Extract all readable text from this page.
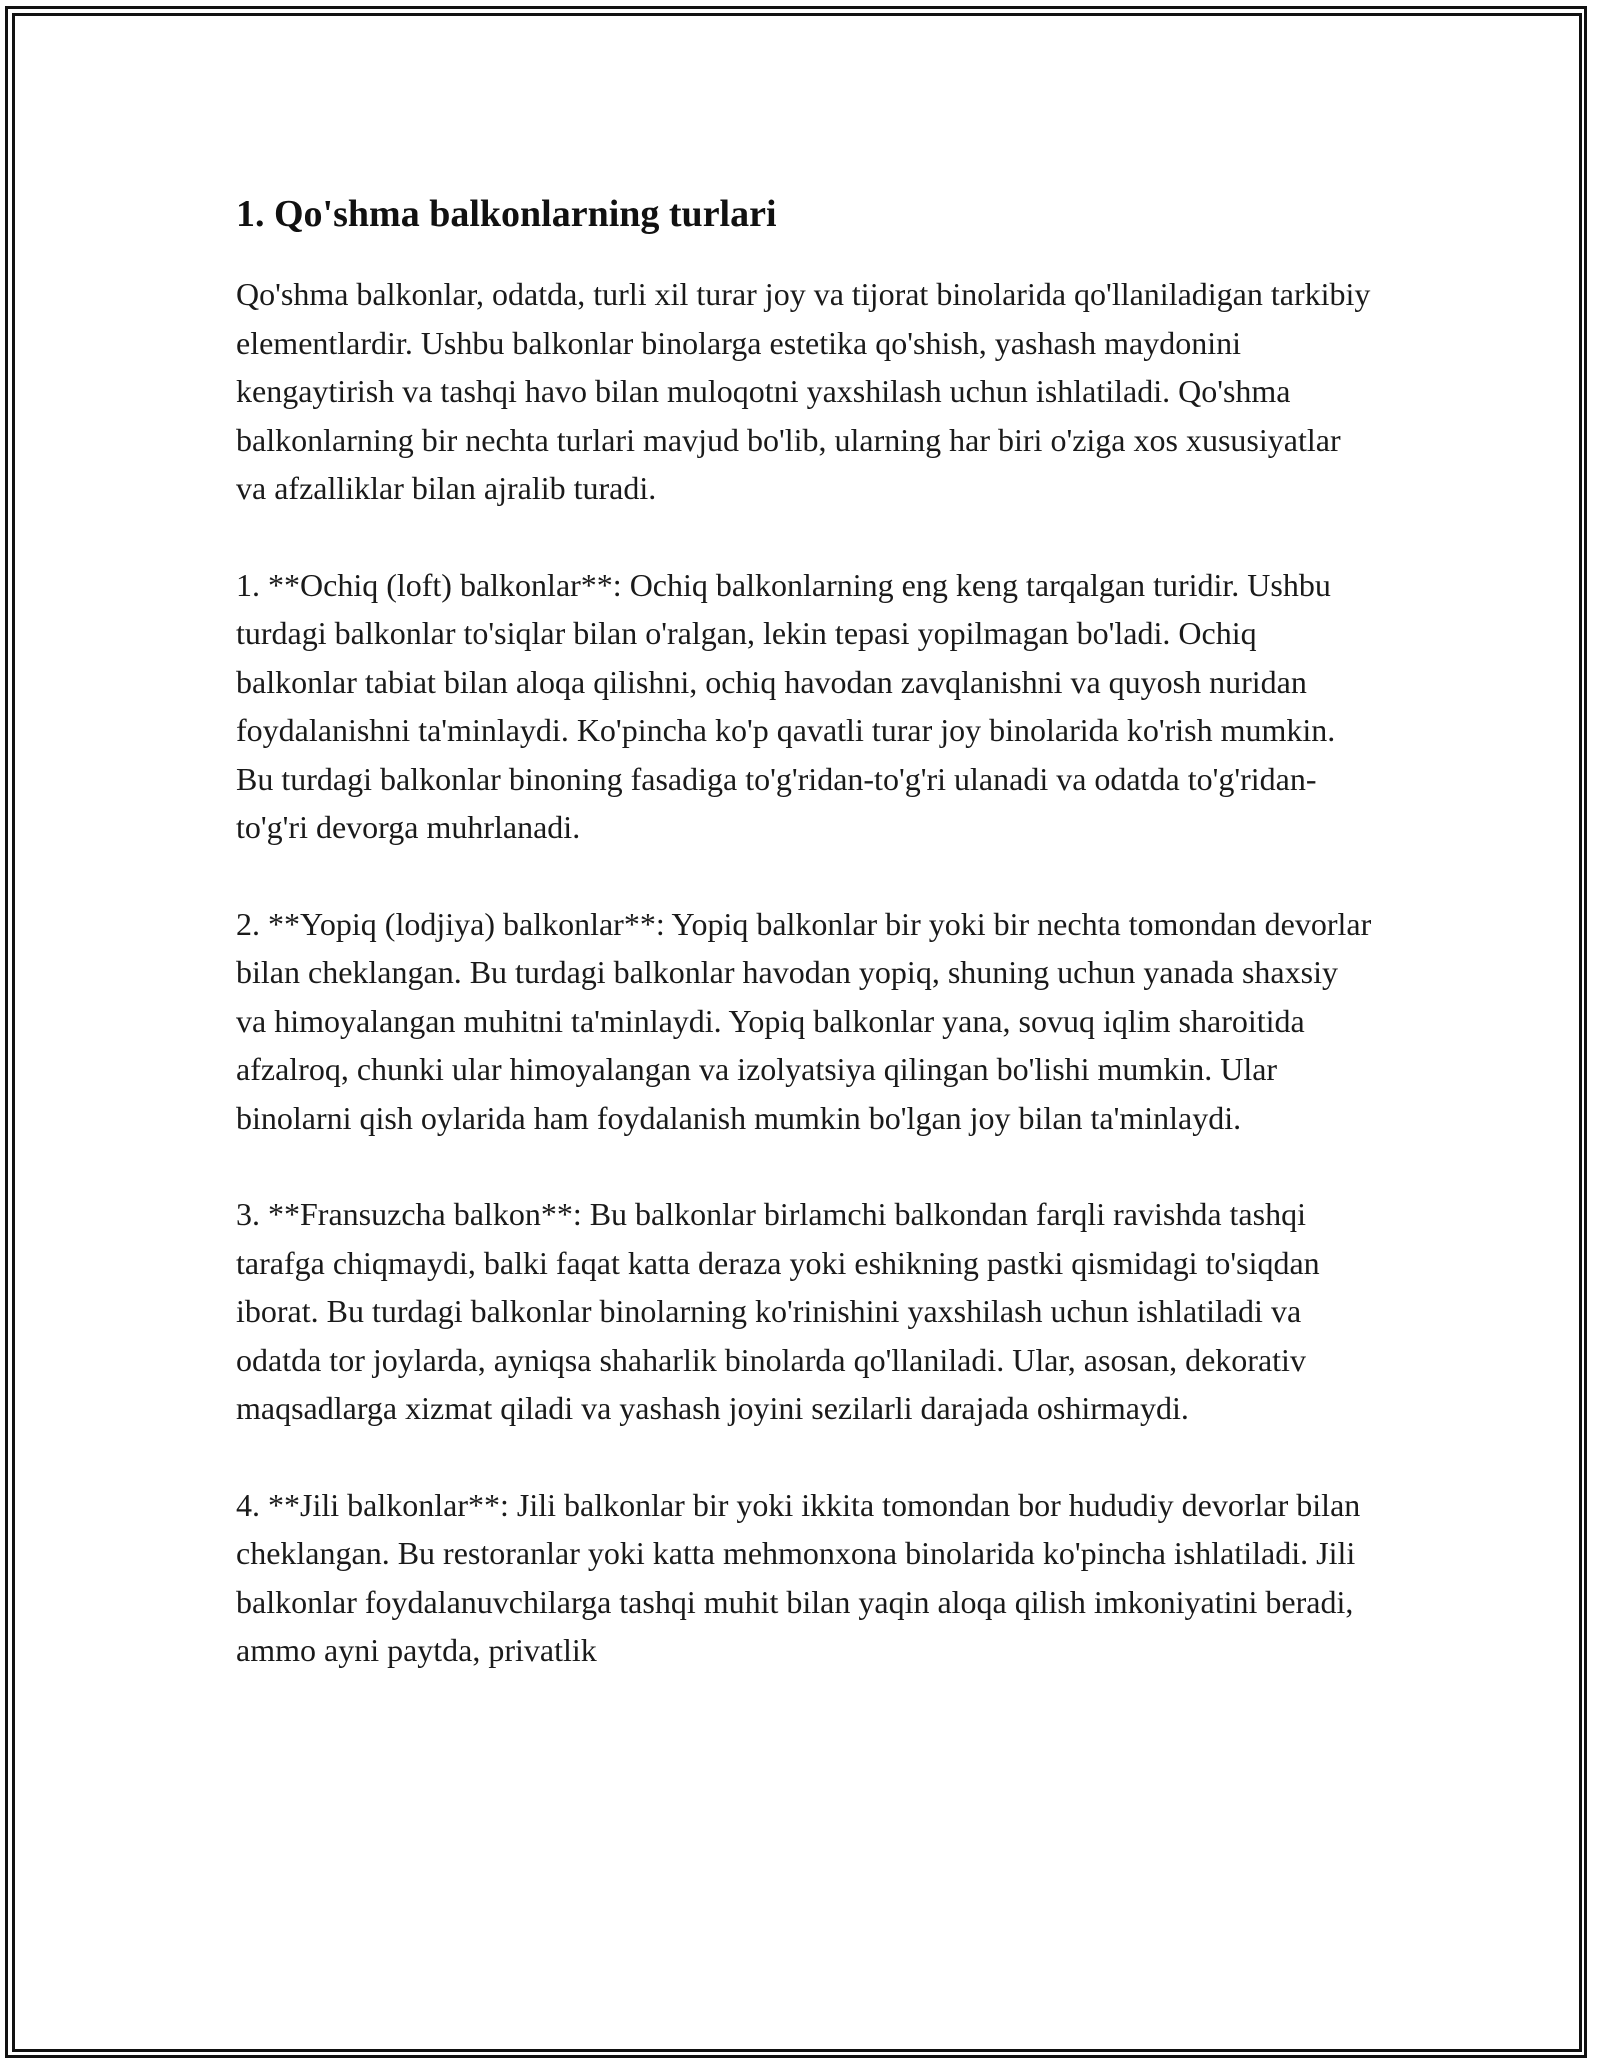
1. Qo'shma balkonlarning turlari

Qo'shma balkonlar, odatda, turli xil turar joy va tijorat binolarida qo'llaniladigan tarkibiy elementlardir. Ushbu balkonlar binolarga estetika qo'shish, yashash maydonini kengaytirish va tashqi havo bilan muloqotni yaxshilash uchun ishlatiladi. Qo'shma balkonlarning bir nechta turlari mavjud bo'lib, ularning har biri o'ziga xos xususiyatlar va afzalliklar bilan ajralib turadi.

1. **Ochiq (loft) balkonlar**: Ochiq balkonlarning eng keng tarqalgan turidir. Ushbu turdagi balkonlar to'siqlar bilan o'ralgan, lekin tepasi yopilmagan bo'ladi. Ochiq balkonlar tabiat bilan aloqa qilishni, ochiq havodan zavqlanishni va quyosh nuridan foydalanishni ta'minlaydi. Ko'pincha ko'p qavatli turar joy binolarida ko'rish mumkin. Bu turdagi balkonlar binoning fasadiga to'g'ridan-to'g'ri ulanadi va odatda to'g'ridan-to'g'ri devorga muhrlanadi.

2. **Yopiq (lodjiya) balkonlar**: Yopiq balkonlar bir yoki bir nechta tomondan devorlar bilan cheklangan. Bu turdagi balkonlar havodan yopiq, shuning uchun yanada shaxsiy va himoyalangan muhitni ta'minlaydi. Yopiq balkonlar yana, sovuq iqlim sharoitida afzalroq, chunki ular himoyalangan va izolyatsiya qilingan bo'lishi mumkin. Ular binolarni qish oylarida ham foydalanish mumkin bo'lgan joy bilan ta'minlaydi.

3. **Fransuzcha balkon**: Bu balkonlar birlamchi balkondan farqli ravishda tashqi tarafga chiqmaydi, balki faqat katta deraza yoki eshikning pastki qismidagi to'siqdan iborat. Bu turdagi balkonlar binolarning ko'rinishini yaxshilash uchun ishlatiladi va odatda tor joylarda, ayniqsa shaharlik binolarda qo'llaniladi. Ular, asosan, dekorativ maqsadlarga xizmat qiladi va yashash joyini sezilarli darajada oshirmaydi.

4. **Jili balkonlar**: Jili balkonlar bir yoki ikkita tomondan bor hududiy devorlar bilan cheklangan. Bu restoranlar yoki katta mehmonxona binolarida ko'pincha ishlatiladi. Jili balkonlar foydalanuvchilarga tashqi muhit bilan yaqin aloqa qilish imkoniyatini beradi, ammo ayni paytda, privatlik
